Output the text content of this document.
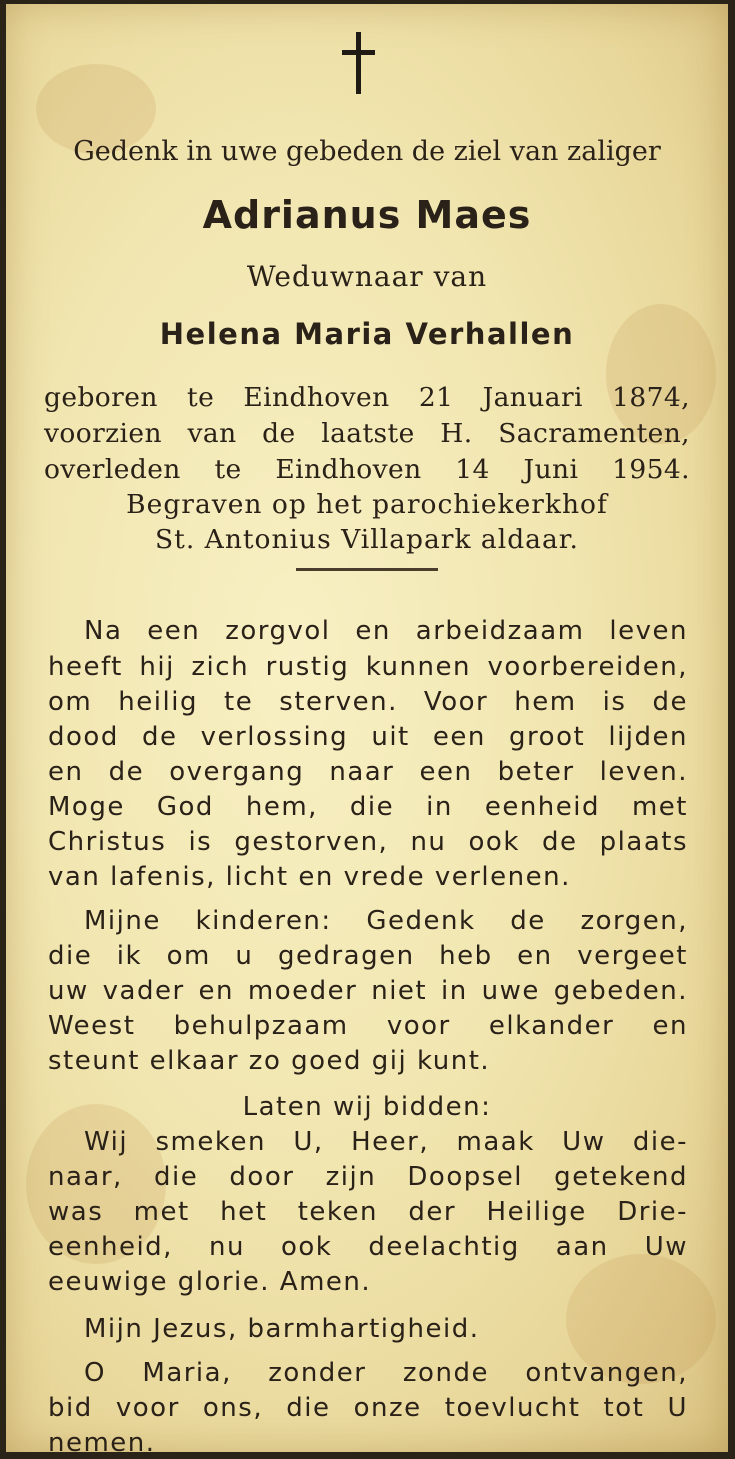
Gedenk in uwe gebeden de ziel van zaliger
Adrianus Maes
Weduwnaar van
Helena Maria Verhallen
geboren te Eindhoven 21 Januari 1874,
voorzien van de laatste H. Sacramenten,
overleden te Eindhoven 14 Juni 1954.
Begraven op het parochiekerkhof
St. Antonius Villapark aldaar.
Na een zorgvol en arbeidzaam leven
heeft hij zich rustig kunnen voorbereiden,
om heilig te sterven. Voor hem is de
dood de verlossing uit een groot lijden
en de overgang naar een beter leven.
Moge God hem, die in eenheid met
Christus is gestorven, nu ook de plaats
van lafenis, licht en vrede verlenen.
Mijne kinderen: Gedenk de zorgen,
die ik om u gedragen heb en vergeet
uw vader en moeder niet in uwe gebeden.
Weest behulpzaam voor elkander en
steunt elkaar zo goed gij kunt.
Laten wij bidden:
Wij smeken U, Heer, maak Uw die-
naar, die door zijn Doopsel getekend
was met het teken der Heilige Drie-
eenheid, nu ook deelachtig aan Uw
eeuwige glorie. Amen.
Mijn Jezus, barmhartigheid.
O Maria, zonder zonde ontvangen,
bid voor ons, die onze toevlucht tot U
nemen.
